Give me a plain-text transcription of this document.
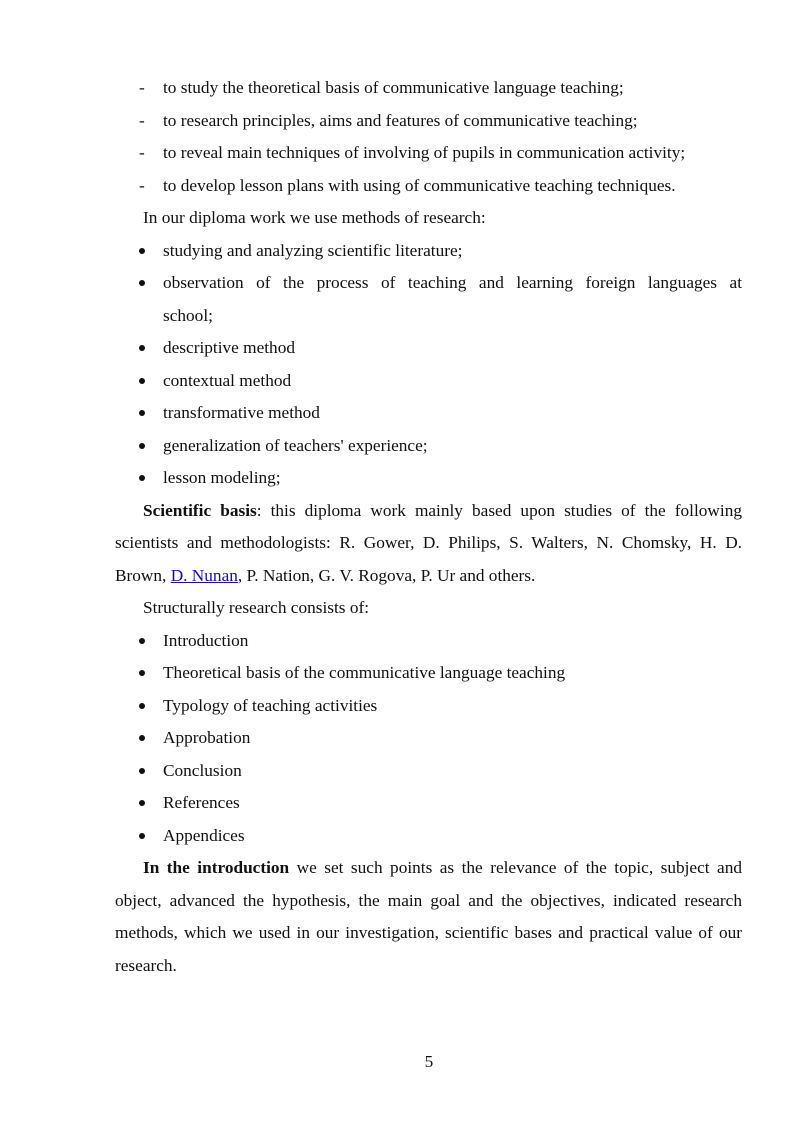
- to study the theoretical basis of communicative language teaching;
- to research principles, aims and features of communicative teaching;
- to reveal main techniques of involving of pupils in communication activity;
- to develop lesson plans with using of communicative teaching techniques.
In our diploma work we use methods of research:
studying and analyzing scientific literature;
observation of the process of teaching and learning foreign languages at
school;
descriptive method
contextual method
transformative method
generalization of teachers' experience;
lesson modeling;
Scientific basis: this diploma work mainly based upon studies of the following scientists and methodologists: R. Gower, D. Philips, S. Walters, N. Chomsky, H. D. Brown, D. Nunan, P. Nation, G. V. Rogova, P. Ur and others.
Structurally research consists of:
Introduction
Theoretical basis of the communicative language teaching
Typology of teaching activities
Approbation
Conclusion
References
Appendices
In the introduction we set such points as the relevance of the topic, subject and object, advanced the hypothesis, the main goal and the objectives, indicated research methods, which we used in our investigation, scientific bases and practical value of our research.
5
